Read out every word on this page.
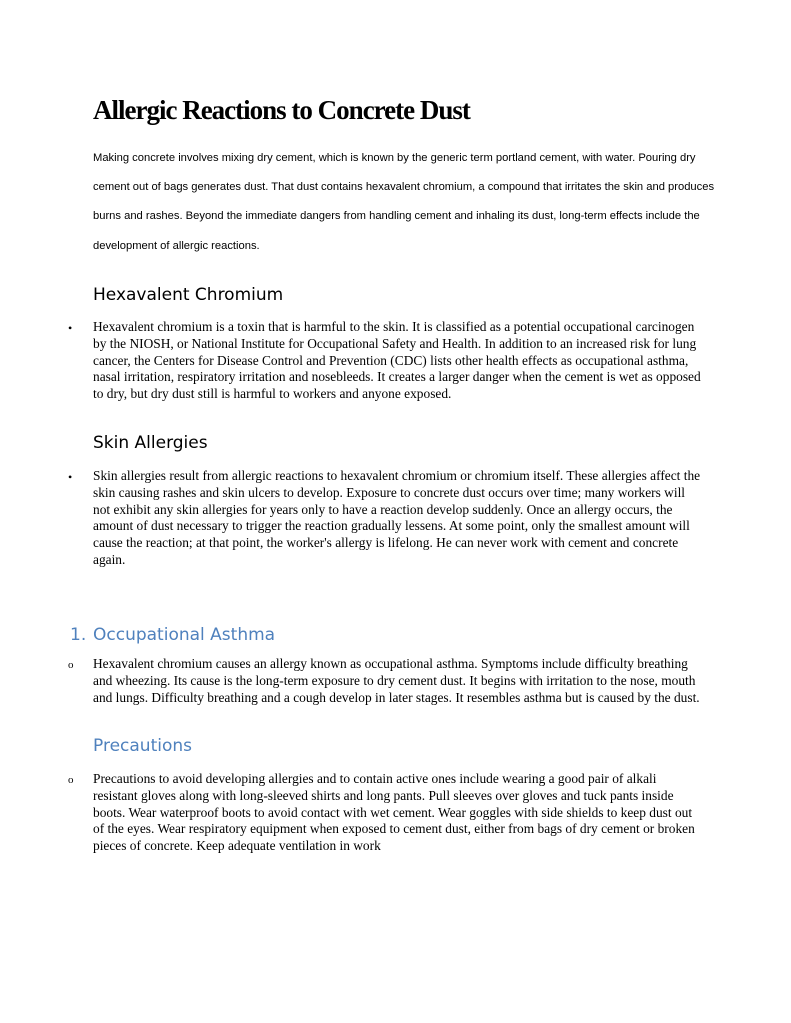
Allergic Reactions to Concrete Dust

Making concrete involves mixing dry cement, which is known by the generic term portland cement, with water. Pouring dry cement out of bags generates dust. That dust contains hexavalent chromium, a compound that irritates the skin and produces burns and rashes. Beyond the immediate dangers from handling cement and inhaling its dust, long-term effects include the development of allergic reactions.

Hexavalent Chromium
• Hexavalent chromium is a toxin that is harmful to the skin. It is classified as a potential occupational carcinogen by the NIOSH, or National Institute for Occupational Safety and Health. In addition to an increased risk for lung cancer, the Centers for Disease Control and Prevention (CDC) lists other health effects as occupational asthma, nasal irritation, respiratory irritation and nosebleeds. It creates a larger danger when the cement is wet as opposed to dry, but dry dust still is harmful to workers and anyone exposed.

Skin Allergies
• Skin allergies result from allergic reactions to hexavalent chromium or chromium itself. These allergies affect the skin causing rashes and skin ulcers to develop. Exposure to concrete dust occurs over time; many workers will not exhibit any skin allergies for years only to have a reaction develop suddenly. Once an allergy occurs, the amount of dust necessary to trigger the reaction gradually lessens. At some point, only the smallest amount will cause the reaction; at that point, the worker's allergy is lifelong. He can never work with cement and concrete again.

1. Occupational Asthma
o Hexavalent chromium causes an allergy known as occupational asthma. Symptoms include difficulty breathing and wheezing. Its cause is the long-term exposure to dry cement dust. It begins with irritation to the nose, mouth and lungs. Difficulty breathing and a cough develop in later stages. It resembles asthma but is caused by the dust.

Precautions
o Precautions to avoid developing allergies and to contain active ones include wearing a good pair of alkali resistant gloves along with long-sleeved shirts and long pants. Pull sleeves over gloves and tuck pants inside boots. Wear waterproof boots to avoid contact with wet cement. Wear goggles with side shields to keep dust out of the eyes. Wear respiratory equipment when exposed to cement dust, either from bags of dry cement or broken pieces of concrete. Keep adequate ventilation in work
